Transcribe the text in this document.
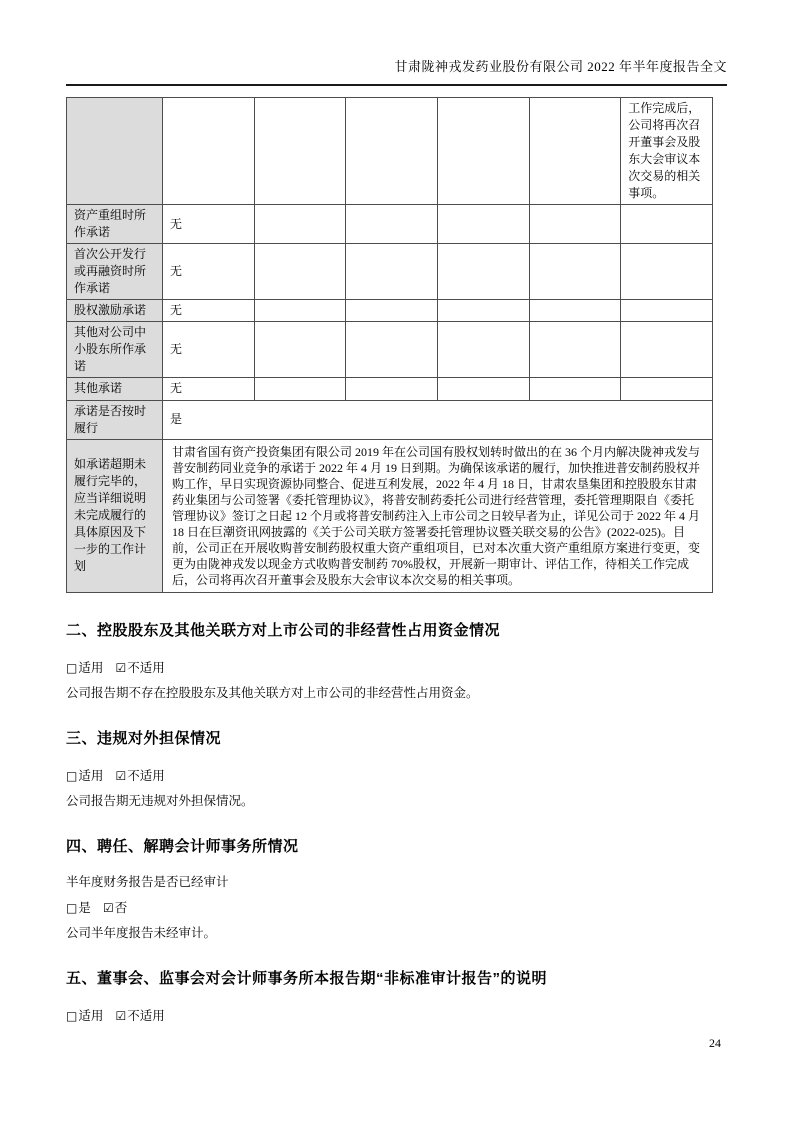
甘肃陇神戎发药业股份有限公司 2022 年半年度报告全文
						工作完成后，公司将再次召开董事会及股东大会审议本次交易的相关事项。
资产重组时所作承诺	无					
首次公开发行或再融资时所作承诺	无					
股权激励承诺	无					
其他对公司中小股东所作承诺	无					
其他承诺	无					
承诺是否按时履行	是					
如承诺超期未履行完毕的，应当详细说明未完成履行的具体原因及下一步的工作计划	甘肃省国有资产投资集团有限公司 2019 年在公司国有股权划转时做出的在 36 个月内解决陇神戎发与普安制药同业竞争的承诺于 2022 年 4 月 19 日到期。为确保该承诺的履行，加快推进普安制药股权并购工作，早日实现资源协同整合、促进互利发展，2022 年 4 月 18 日，甘肃农垦集团和控股股东甘肃药业集团与公司签署《委托管理协议》，将普安制药委托公司进行经营管理，委托管理期限自《委托管理协议》签订之日起 12 个月或将普安制药注入上市公司之日较早者为止，详见公司于 2022 年 4 月 18 日在巨潮资讯网披露的《关于公司关联方签署委托管理协议暨关联交易的公告》(2022-025)。目前，公司正在开展收购普安制药股权重大资产重组项目，已对本次重大资产重组原方案进行变更，变更为由陇神戎发以现金方式收购普安制药 70%股权，开展新一期审计、评估工作，待相关工作完成后，公司将再次召开董事会及股东大会审议本次交易的相关事项。					
二、控股股东及其他关联方对上市公司的非经营性占用资金情况
□适用 ☑不适用
公司报告期不存在控股股东及其他关联方对上市公司的非经营性占用资金。
三、违规对外担保情况
□适用 ☑不适用
公司报告期无违规对外担保情况。
四、聘任、解聘会计师事务所情况
半年度财务报告是否已经审计
□是 ☑否
公司半年度报告未经审计。
五、董事会、监事会对会计师事务所本报告期“非标准审计报告”的说明
□适用 ☑不适用
24
